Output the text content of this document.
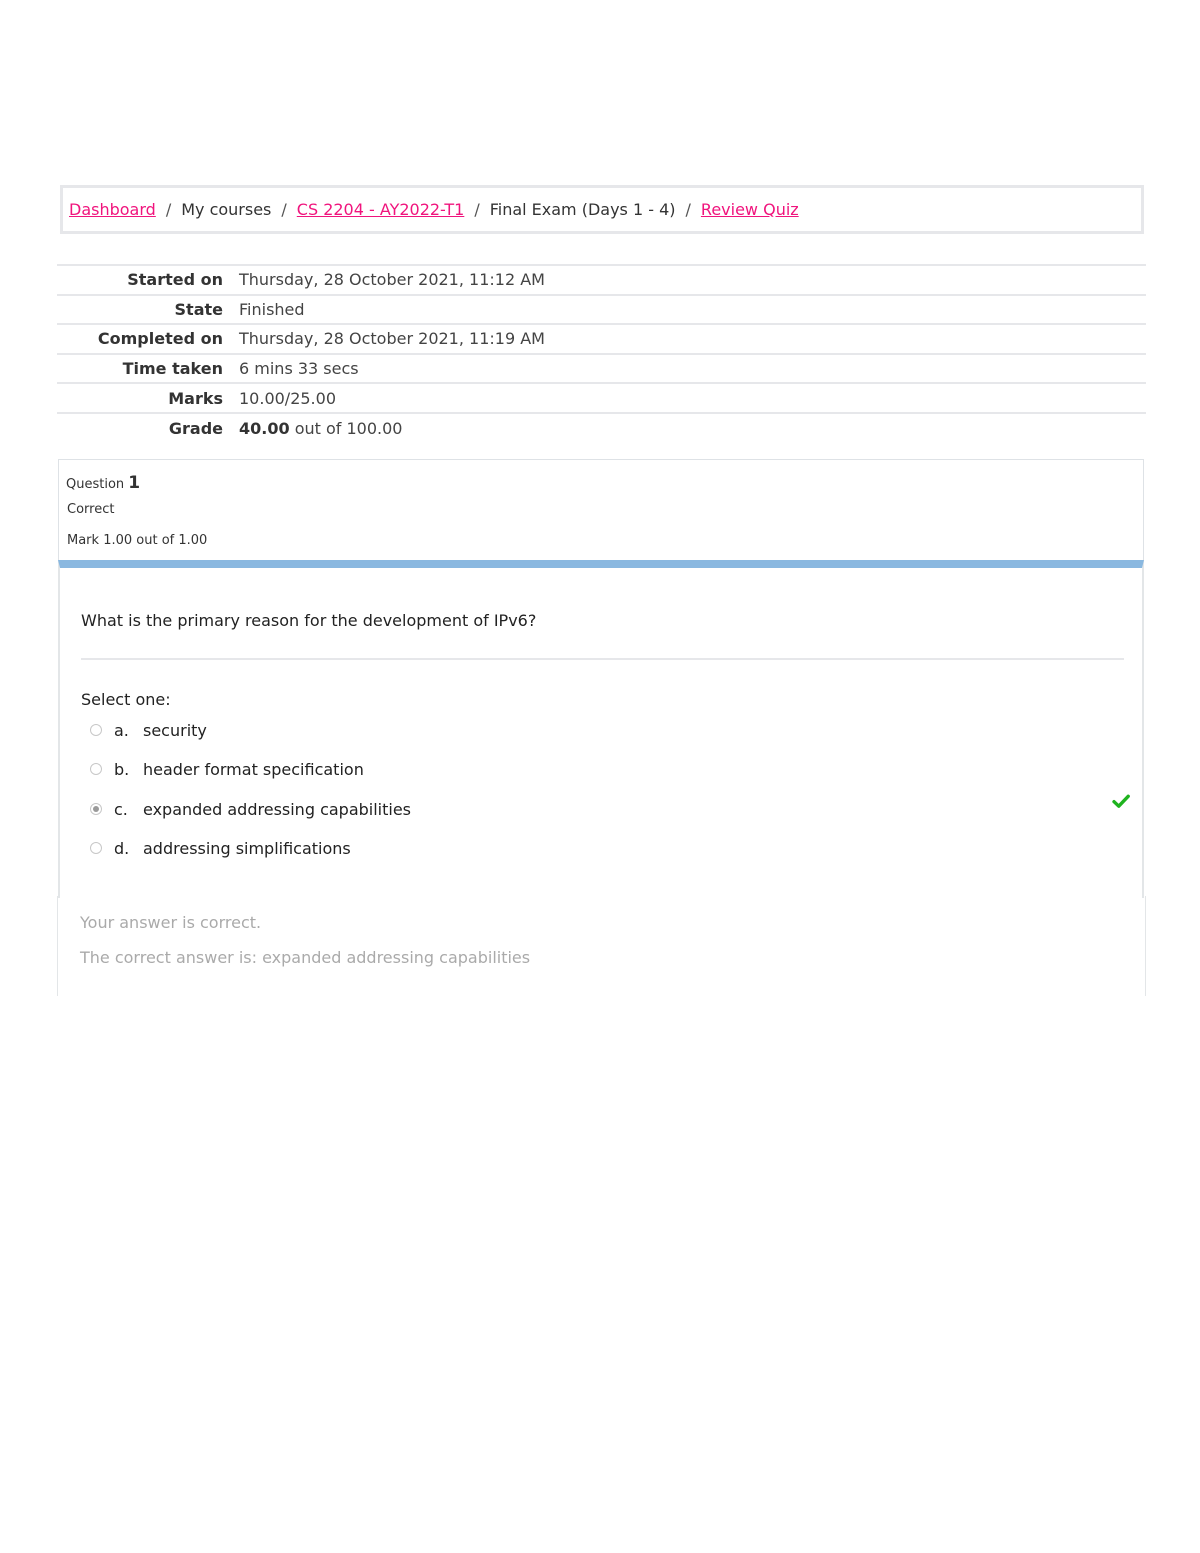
Dashboard / My courses / CS 2204 - AY2022-T1 / Final Exam (Days 1 - 4) / Review Quiz
Started on	Thursday, 28 October 2021, 11:12 AM
State	Finished
Completed on	Thursday, 28 October 2021, 11:19 AM
Time taken	6 mins 33 secs
Marks	10.00/25.00
Grade	40.00 out of 100.00
Question 1
Correct
Mark 1.00 out of 1.00
What is the primary reason for the development of IPv6?
Select one:
a. security
b. header format specification
c. expanded addressing capabilities
d. addressing simplifications
Your answer is correct.
The correct answer is: expanded addressing capabilities
